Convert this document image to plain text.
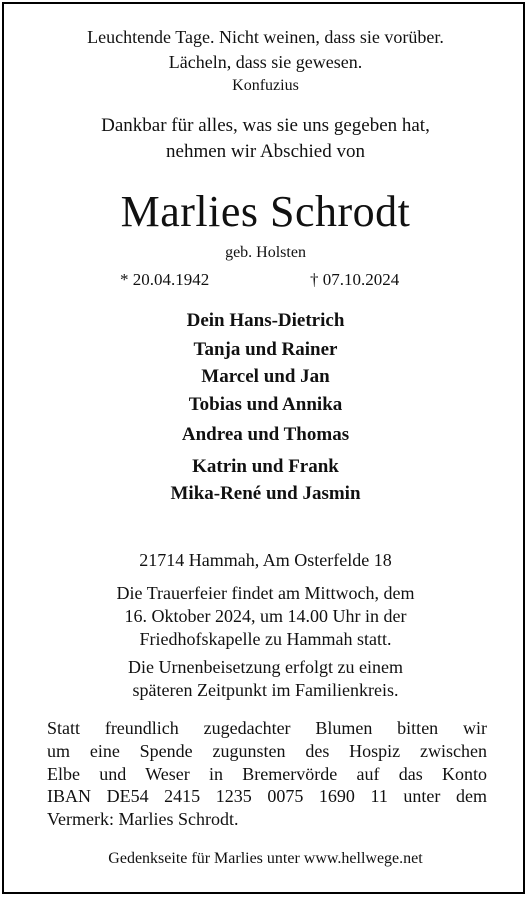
Leuchtende Tage. Nicht weinen, dass sie vorüber.
Lächeln, dass sie gewesen.
Konfuzius
Dankbar für alles, was sie uns gegeben hat,
nehmen wir Abschied von
Marlies Schrodt
geb. Holsten
* 20.04.1942	† 07.10.2024
Dein Hans-Dietrich
Tanja und Rainer
Marcel und Jan
Tobias und Annika
Andrea und Thomas
Katrin und Frank
Mika-René und Jasmin
21714 Hammah, Am Osterfelde 18
Die Trauerfeier findet am Mittwoch, dem
16. Oktober 2024, um 14.00 Uhr in der
Friedhofskapelle zu Hammah statt.
Die Urnenbeisetzung erfolgt zu einem
späteren Zeitpunkt im Familienkreis.
Statt freundlich zugedachter Blumen bitten wir
um eine Spende zugunsten des Hospiz zwischen
Elbe und Weser in Bremervörde auf das Konto
IBAN DE54 2415 1235 0075 1690 11 unter dem
Vermerk: Marlies Schrodt.
Gedenkseite für Marlies unter www.hellwege.net
